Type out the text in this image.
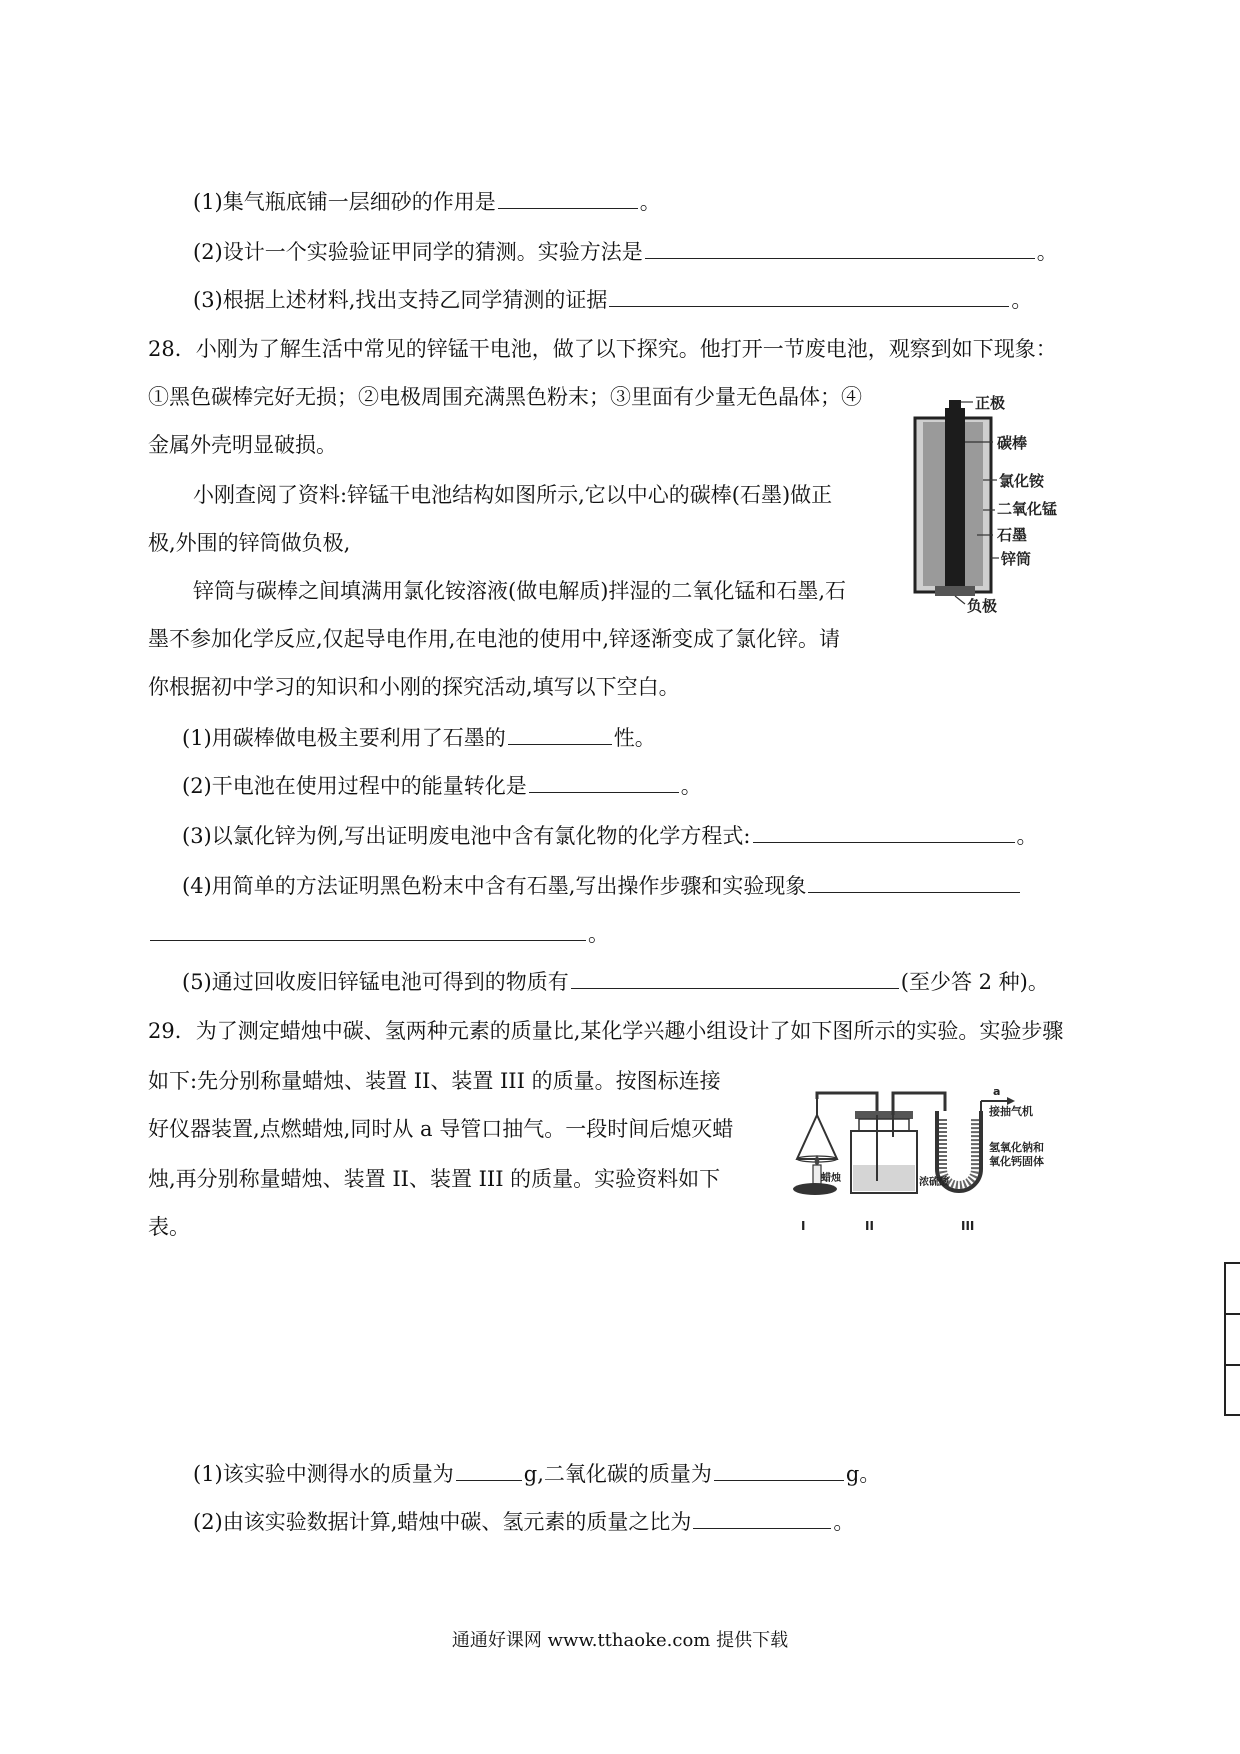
(1)集气瓶底铺一层细砂的作用是	。
(2)设计一个实验验证甲同学的猜测。实验方法是	。
(3)根据上述材料,找出支持乙同学猜测的证据	。
28．小刚为了解生活中常见的锌锰干电池，做了以下探究。他打开一节废电池，观察到如下现象：
①黑色碳棒完好无损；②电极周围充满黑色粉末；③里面有少量无色晶体；④
金属外壳明显破损。
小刚查阅了资料:锌锰干电池结构如图所示,它以中心的碳棒(石墨)做正
极,外围的锌筒做负极,
锌筒与碳棒之间填满用氯化铵溶液(做电解质)拌湿的二氧化锰和石墨,石
墨不参加化学反应,仅起导电作用,在电池的使用中,锌逐渐变成了氯化锌。请
你根据初中学习的知识和小刚的探究活动,填写以下空白。
正极
碳棒
氯化铵
二氧化锰
石墨
锌筒
负极
(1)用碳棒做电极主要利用了石墨的	性。
(2)干电池在使用过程中的能量转化是	。
(3)以氯化锌为例,写出证明废电池中含有氯化物的化学方程式:	。
(4)用简单的方法证明黑色粉末中含有石墨,写出操作步骤和实验现象
。
(5)通过回收废旧锌锰电池可得到的物质有	(至少答 2 种)。
29．为了测定蜡烛中碳、氢两种元素的质量比,某化学兴趣小组设计了如下图所示的实验。实验步骤
如下:先分别称量蜡烛、装置 II、装置 III 的质量。按图标连接
好仪器装置,点燃蜡烛,同时从 a 导管口抽气。一段时间后熄灭蜡
烛,再分别称量蜡烛、装置 II、装置 III 的质量。实验资料如下
表。
a
接抽气机
氢氧化钠和
氧化钙固体
蜡烛	浓硫酸
I	II	III
(1)该实验中测得水的质量为	g,二氧化碳的质量为	g。
(2)由该实验数据计算,蜡烛中碳、氢元素的质量之比为	。
通通好课网 www.tthaoke.com 提供下载
